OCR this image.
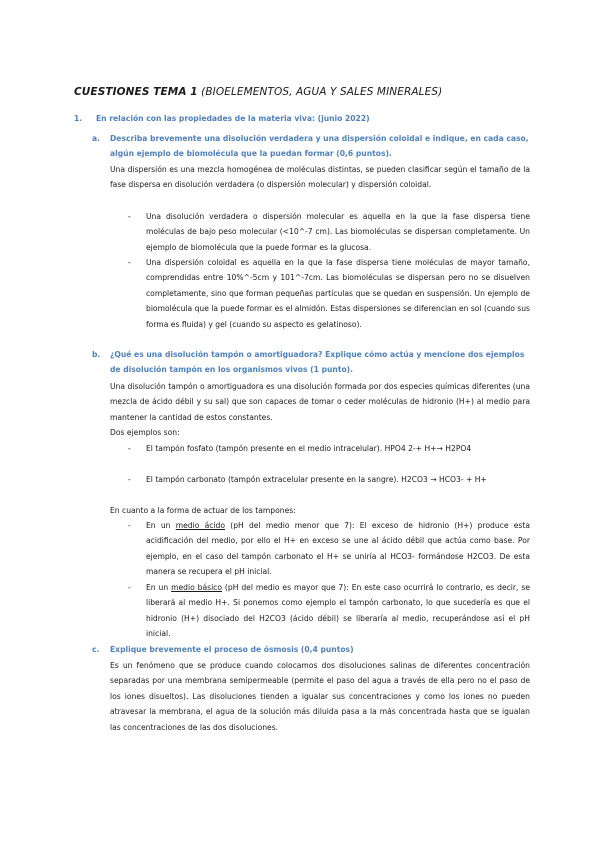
CUESTIONES TEMA 1 (BIOELEMENTOS, AGUA Y SALES MINERALES)
1. En relación con las propiedades de la materia viva: (junio 2022)
a. Describa brevemente una disolución verdadera y una dispersión coloidal e indique, en cada caso, algún ejemplo de biomolécula que la puedan formar (0,6 puntos).
Una dispersión es una mezcla homogénea de moléculas distintas, se pueden clasificar según el tamaño de la fase dispersa en disolución verdadera (o dispersión molecular) y dispersión coloidal.
- Una disolución verdadera o dispersión molecular es aquella en la que la fase dispersa tiene moléculas de bajo peso molecular (<10^-7 cm). Las biomoléculas se dispersan completamente. Un ejemplo de biomolécula que la puede formar es la glucosa.
- Una dispersión coloidal es aquella en la que la fase dispersa tiene moléculas de mayor tamaño, comprendidas entre 10%^-5cm y 101^-7cm. Las biomoléculas se dispersan pero no se disuelven completamente, sino que forman pequeñas partículas que se quedan en suspensión. Un ejemplo de biomolécula que la puede formar es el almidón. Estas dispersiones se diferencian en sol (cuando sus forma es fluida) y gel (cuando su aspecto es gelatinoso).
b. ¿Qué es una disolución tampón o amortiguadora? Explique cómo actúa y mencione dos ejemplos de disolución tampón en los organismos vivos (1 punto).
Una disolución tampón o amortiguadora es una disolución formada por dos especies químicas diferentes (una mezcla de ácido débil y su sal) que son capaces de tomar o ceder moléculas de hidronio (H+) al medio para mantener la cantidad de estos constantes.
Dos ejemplos son:
- El tampón fosfato (tampón presente en el medio intracelular). HPO4 2-+ H+→ H2PO4
- El tampón carbonato (tampón extracelular presente en la sangre). H2CO3 → HCO3- + H+
En cuanto a la forma de actuar de los tampones:
- En un medio ácido (pH del medio menor que 7): El exceso de hidronio (H+) produce esta acidificación del medio, por ello el H+ en exceso se une al ácido débil que actúa como base. Por ejemplo, en el caso del tampón carbonato el H+ se uniría al HCO3- formándose H2CO3. De esta manera se recupera el pH inicial.
- En un medio básico (pH del medio es mayor que 7): En este caso ocurrirá lo contrario, es decir, se liberará al medio H+. Si ponemos como ejemplo el tampón carbonato, lo que sucedería es que el hidronio (H+) disociado del H2CO3 (ácido débil) se liberaría al medio, recuperándose así el pH inicial.
c. Explique brevemente el proceso de ósmosis (0,4 puntos)
Es un fenómeno que se produce cuando colocamos dos disoluciones salinas de diferentes concentración separadas por una membrana semipermeable (permite el paso del agua a través de ella pero no el paso de los iones disueltos). Las disoluciones tienden a igualar sus concentraciones y como los iones no pueden atravesar la membrana, el agua de la solución más diluida pasa a la más concentrada hasta que se igualan las concentraciones de las dos disoluciones.
